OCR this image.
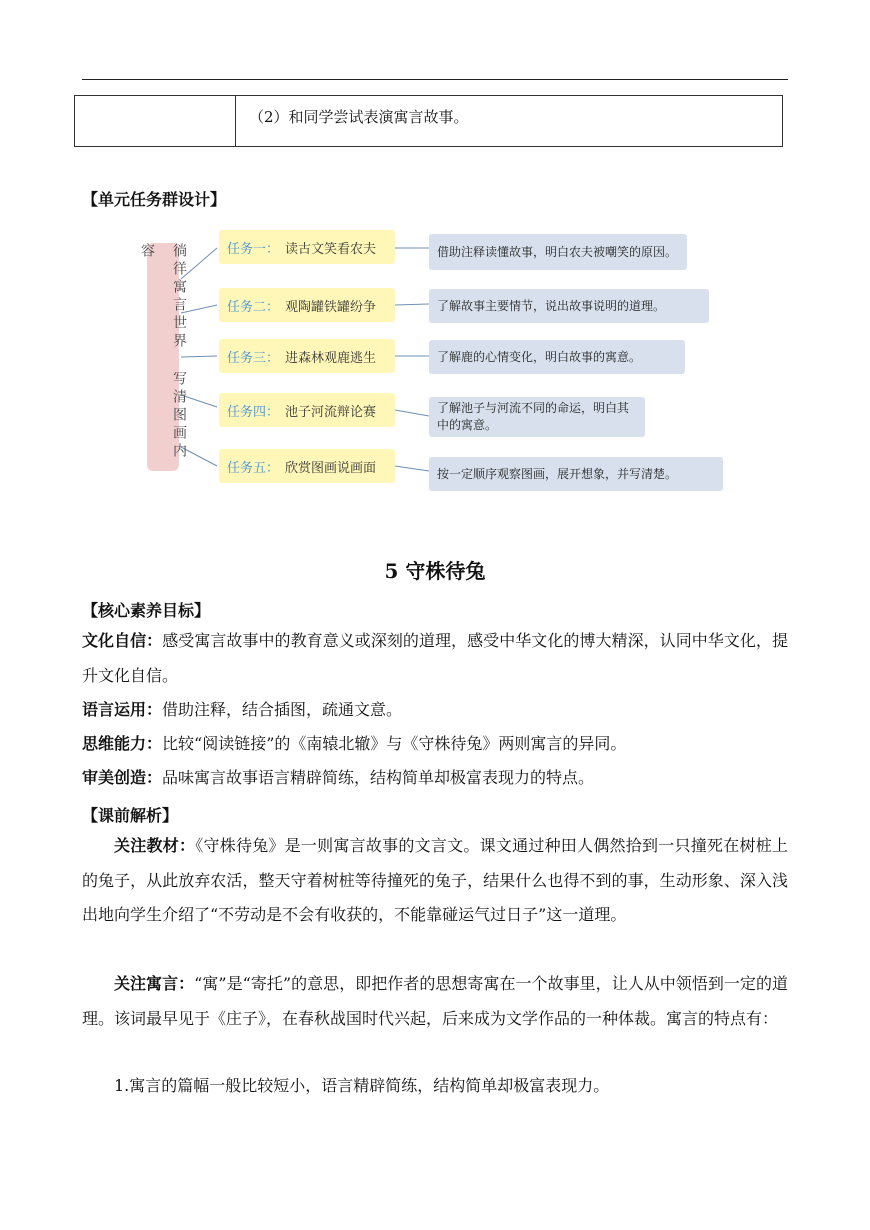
（2）和同学尝试表演寓言故事。
【单元任务群设计】
徜徉寓言世界 写清图画内容	任务一： 读古文笑看农夫
任务二： 观陶罐铁罐纷争
任务三： 进森林观鹿逃生
任务四： 池子河流辩论赛
任务五： 欣赏图画说画面
借助注释读懂故事，明白农夫被嘲笑的原因。
了解故事主要情节，说出故事说明的道理。
了解鹿的心情变化，明白故事的寓意。
了解池子与河流不同的命运，明白其中的寓意。
按一定顺序观察图画，展开想象，并写清楚。
5 守株待兔
【核心素养目标】
文化自信：感受寓言故事中的教育意义或深刻的道理，感受中华文化的博大精深，认同中华文化，提升文化自信。
语言运用：借助注释，结合插图，疏通文意。
思维能力：比较“阅读链接”的《南辕北辙》与《守株待兔》两则寓言的异同。
审美创造：品味寓言故事语言精辟简练，结构简单却极富表现力的特点。
【课前解析】
关注教材：《守株待兔》是一则寓言故事的文言文。课文通过种田人偶然拾到一只撞死在树桩上的兔子，从此放弃农活，整天守着树桩等待撞死的兔子，结果什么也得不到的事，生动形象、深入浅出地向学生介绍了“不劳动是不会有收获的，不能靠碰运气过日子”这一道理。
关注寓言：“寓”是“寄托”的意思，即把作者的思想寄寓在一个故事里，让人从中领悟到一定的道理。该词最早见于《庄子》，在春秋战国时代兴起，后来成为文学作品的一种体裁。寓言的特点有：
1.寓言的篇幅一般比较短小，语言精辟简练，结构简单却极富表现力。
